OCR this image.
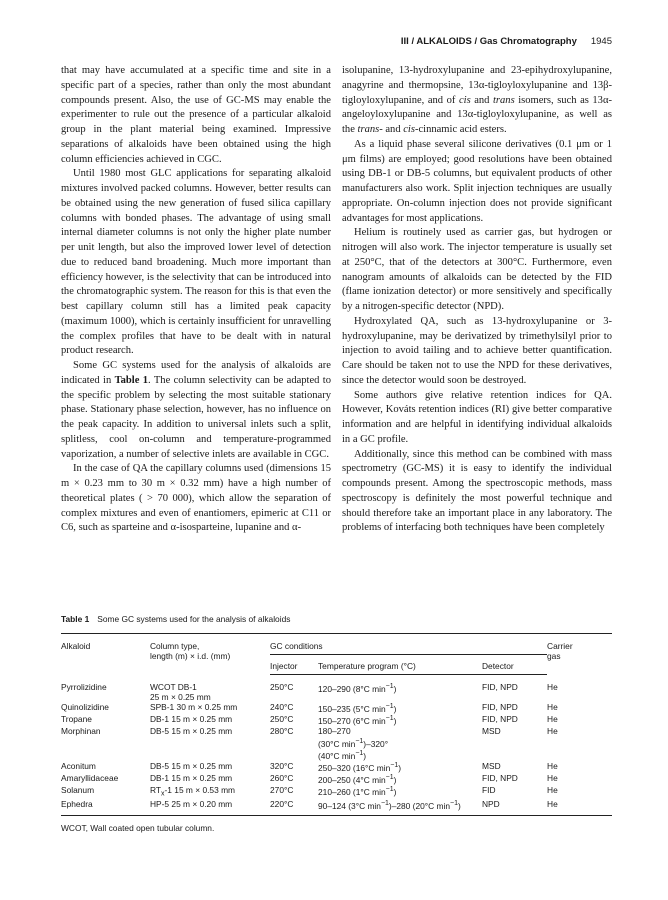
III / ALKALOIDS / Gas Chromatography 1945

that may have accumulated at a specific time and site in a specific part of a species, rather than only the most abundant compounds present. Also, the use of GC-MS may enable the experimenter to rule out the presence of a particular alkaloid group in the plant material being examined. Impressive separations of alkaloids have been obtained using the high column efficiencies achieved in CGC.

Until 1980 most GLC applications for separating alkaloid mixtures involved packed columns. However, better results can be obtained using the new generation of fused silica capillary columns with bonded phases. The advantage of using small internal diameter columns is not only the higher plate number per unit length, but also the improved lower level of detection due to reduced band broadening. Much more important than efficiency however, is the selectivity that can be introduced into the chromatographic system. The reason for this is that even the best capillary column still has a limited peak capacity (maximum 1000), which is certainly insufficient for unravelling the complex profiles that have to be dealt with in natural product research.

Some GC systems used for the analysis of alkaloids are indicated in Table 1. The column selectivity can be adapted to the specific problem by selecting the most suitable stationary phase. Stationary phase selection, however, has no influence on the peak capacity. In addition to universal inlets such a split, splitless, cool on-column and temperature-programmed vaporization, a number of selective inlets are available in CGC.

In the case of QA the capillary columns used (dimensions 15 m × 0.23 mm to 30 m × 0.32 mm) have a high number of theoretical plates ( > 70 000), which allow the separation of complex mixtures and even of enantiomers, epimeric at C11 or C6, such as sparteine and α-isosparteine, lupanine and α-

isolupanine, 13-hydroxylupanine and 23-epihydroxylupanine, anagyrine and thermopsine, 13α-tigloyloxylupanine and 13β-tigloyloxylupanine, and of cis and trans isomers, such as 13α-angeloyloxylupanine and 13α-tigloyloxylupanine, as well as the trans- and cis-cinnamic acid esters.

As a liquid phase several silicone derivatives (0.1 μm or 1 μm films) are employed; good resolutions have been obtained using DB-1 or DB-5 columns, but equivalent products of other manufacturers also work. Split injection techniques are usually appropriate. On-column injection does not provide significant advantages for most applications.

Helium is routinely used as carrier gas, but hydrogen or nitrogen will also work. The injector temperature is usually set at 250°C, that of the detectors at 300°C. Furthermore, even nanogram amounts of alkaloids can be detected by the FID (flame ionization detector) or more sensitively and specifically by a nitrogen-specific detector (NPD).

Hydroxylated QA, such as 13-hydroxylupanine or 3-hydroxylupanine, may be derivatized by trimethylsilyl prior to injection to avoid tailing and to achieve better quantification. Care should be taken not to use the NPD for these derivatives, since the detector would soon be destroyed.

Some authors give relative retention indices for QA. However, Kováts retention indices (RI) give better comparative information and are helpful in identifying individual alkaloids in a GC profile.

Additionally, since this method can be combined with mass spectrometry (GC-MS) it is easy to identify the individual compounds present. Among the spectroscopic methods, mass spectroscopy is definitely the most powerful technique and should therefore take an important place in any laboratory. The problems of interfacing both techniques have been completely

Table 1 Some GC systems used for the analysis of alkaloids
Alkaloid	Column type,
length (m) × i.d. (mm)	GC conditions			Carrier
gas
		Injector	Temperature program (°C)	Detector	
Pyrrolizidine	WCOT DB-1
25 m × 0.25 mm	250°C	120–290 (8°C $\min^{-1}$)	FID, NPD	He
Quinolizidine	SPB-1 30 m × 0.25 mm	240°C	150–235 (5°C $\min^{-1}$)	FID, NPD	He
Tropane	DB-1 15 m × 0.25 mm	250°C	150–270 (6°C $\min^{-1}$)	FID, NPD	He
Morphinan	DB-5 15 m × 0.25 mm	280°C	180–270
(30°C $\min^{-1})-320^\circ$
(40°C $\min^{-1}$)	MSD	He
Aconitum	DB-5 15 m × 0.25 mm	320°C	250–320 (16°C $\min^{-1}$)	MSD	He
Amaryllidaceae	DB-1 15 m × 0.25 mm	260°C	200–250 (4°C $\min^{-1}$)	FID, NPD	He
Solanum	$RT_x-1$ 15 m × 0.53 mm	270°C	210–260 (1°C $\min^{-1}$)	FID	He
Ephedra	HP-5 25 m × 0.20 mm	220°C	90–124 (3°C $\min^{-1})-280$ (20°C $\min^{-1}$)	NPD	He
WCOT, Wall coated open tubular column.
